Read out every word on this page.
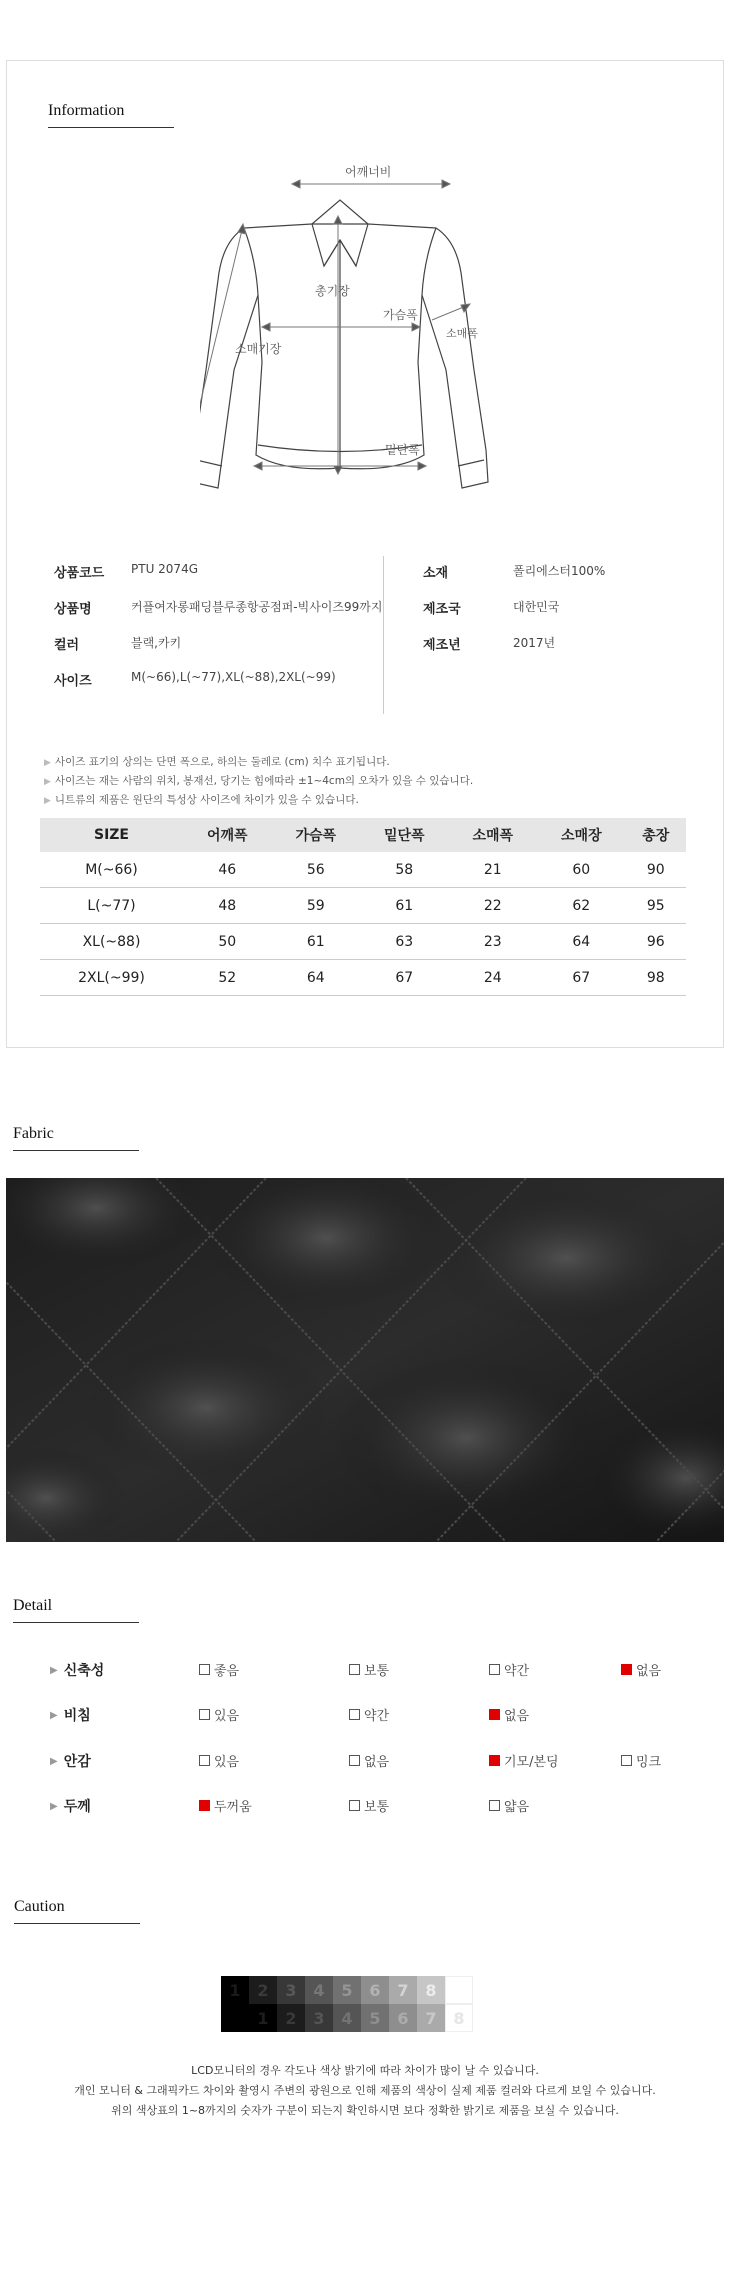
Information
어깨너비
총기장
가슴폭
소매폭
소매기장
밑단폭
상품코드	PTU 2074G
상품명	커플여자롱패딩블루종항공점퍼-빅사이즈99까지
컬러	블랙,카키
사이즈	M(~66),L(~77),XL(~88),2XL(~99)
소재	폴리에스터100%
제조국	대한민국
제조년	2017년
▶ 사이즈 표기의 상의는 단면 폭으로, 하의는 둘레로 (cm) 치수 표기됩니다.
▶ 사이즈는 재는 사람의 위치, 봉재선, 당기는 힘에따라 ±1~4cm의 오차가 있을 수 있습니다.
▶ 니트류의 제품은 원단의 특성상 사이즈에 차이가 있을 수 있습니다.
SIZE	어깨폭	가슴폭	밑단폭	소매폭	소매장	총장
M(~66)	46	56	58	21	60	90
L(~77)	48	59	61	22	62	95
XL(~88)	50	61	63	23	64	96
2XL(~99)	52	64	67	24	67	98
Fabric
Detail
▶ 신축성	좋음	보통	약간	없음
▶ 비침	있음	약간	없음
▶ 안감	있음	없음	기모/본딩	밍크
▶ 두께	두꺼움	보통	얇음
Caution
1	2	3	4	5	6	7	8
1	2	3	4	5	6	7	8
LCD모니터의 경우 각도나 색상 밝기에 따라 차이가 많이 날 수 있습니다.
개인 모니터 & 그래픽카드 차이와 촬영시 주변의 광원으로 인해 제품의 색상이 실제 제품 컬러와 다르게 보일 수 있습니다.
위의 색상표의 1~8까지의 숫자가 구분이 되는지 확인하시면 보다 정확한 밝기로 제품을 보실 수 있습니다.
